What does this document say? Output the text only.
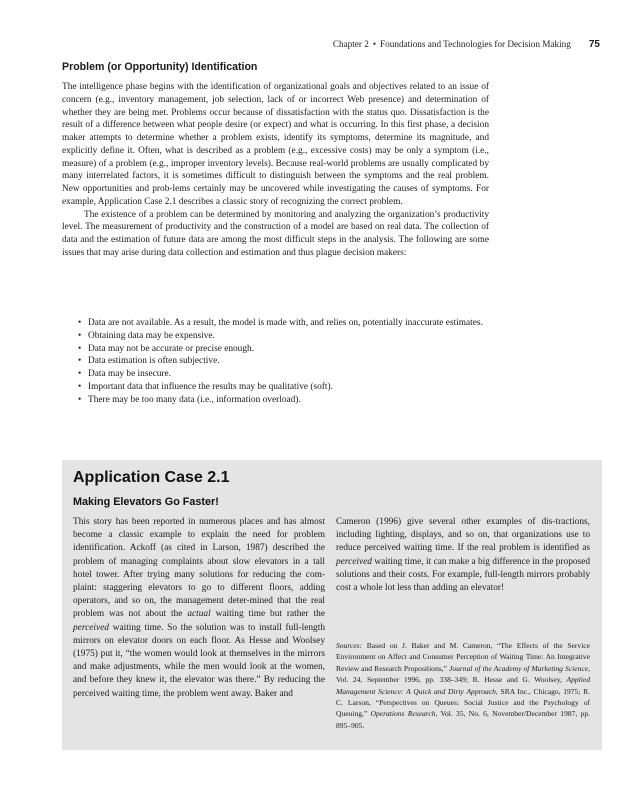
Chapter 2 • Foundations and Technologies for Decision Making 75
Problem (or Opportunity) Identification

The intelligence phase begins with the identification of organizational goals and objectives related to an issue of concern (e.g., inventory management, job selection, lack of or incorrect Web presence) and determination of whether they are being met. Problems occur because of dissatisfaction with the status quo. Dissatisfaction is the result of a difference between what people desire (or expect) and what is occurring. In this first phase, a decision maker attempts to determine whether a problem exists, identify its symptoms, determine its magnitude, and explicitly define it. Often, what is described as a problem (e.g., excessive costs) may be only a symptom (i.e., measure) of a problem (e.g., improper inventory levels). Because real-world problems are usually complicated by many interrelated factors, it is sometimes difficult to distinguish between the symptoms and the real problem. New opportunities and prob-lems certainly may be uncovered while investigating the causes of symptoms. For example, Application Case 2.1 describes a classic story of recognizing the correct problem.

The existence of a problem can be determined by monitoring and analyzing the organization’s productivity level. The measurement of productivity and the construction of a model are based on real data. The collection of data and the estimation of future data are among the most difficult steps in the analysis. The following are some issues that may arise during data collection and estimation and thus plague decision makers:

• Data are not available. As a result, the model is made with, and relies on, potentially inaccurate estimates.
• Obtaining data may be expensive.
• Data may not be accurate or precise enough.
• Data estimation is often subjective.
• Data may be insecure.
• Important data that influence the results may be qualitative (soft).
• There may be too many data (i.e., information overload).
Application Case 2.1
Making Elevators Go Faster!
This story has been reported in numerous places and has almost become a classic example to explain the need for problem identification. Ackoff (as cited in Larson, 1987) described the problem of managing complaints about slow elevators in a tall hotel tower. After trying many solutions for reducing the com-plaint: staggering elevators to go to different floors, adding operators, and so on, the management deter-mined that the real problem was not about the actual waiting time but rather the perceived waiting time. So the solution was to install full-length mirrors on elevator doors on each floor. As Hesse and Woolsey (1975) put it, “the women would look at themselves in the mirrors and make adjustments, while the men would look at the women, and before they knew it, the elevator was there.” By reducing the perceived waiting time, the problem went away. Baker and
Cameron (1996) give several other examples of dis-tractions, including lighting, displays, and so on, that organizations use to reduce perceived waiting time. If the real problem is identified as perceived waiting time, it can make a big difference in the proposed solutions and their costs. For example, full-length mirrors probably cost a whole lot less than adding an elevator!
Sources: Based on J. Baker and M. Cameron, “The Effects of the Service Environment on Affect and Consumer Perception of Waiting Time: An Integrative Review and Research Propositions,” Journal of the Academy of Marketing Science, Vol. 24, September 1996, pp. 338–349; R. Hesse and G. Woolsey, Applied Management Science: A Quick and Dirty Approach, SRA Inc., Chicago, 1975; R. C. Larson, “Perspectives on Queues: Social Justice and the Psychology of Queuing,” Operations Research, Vol. 35, No. 6, November/December 1987, pp. 895–905.
